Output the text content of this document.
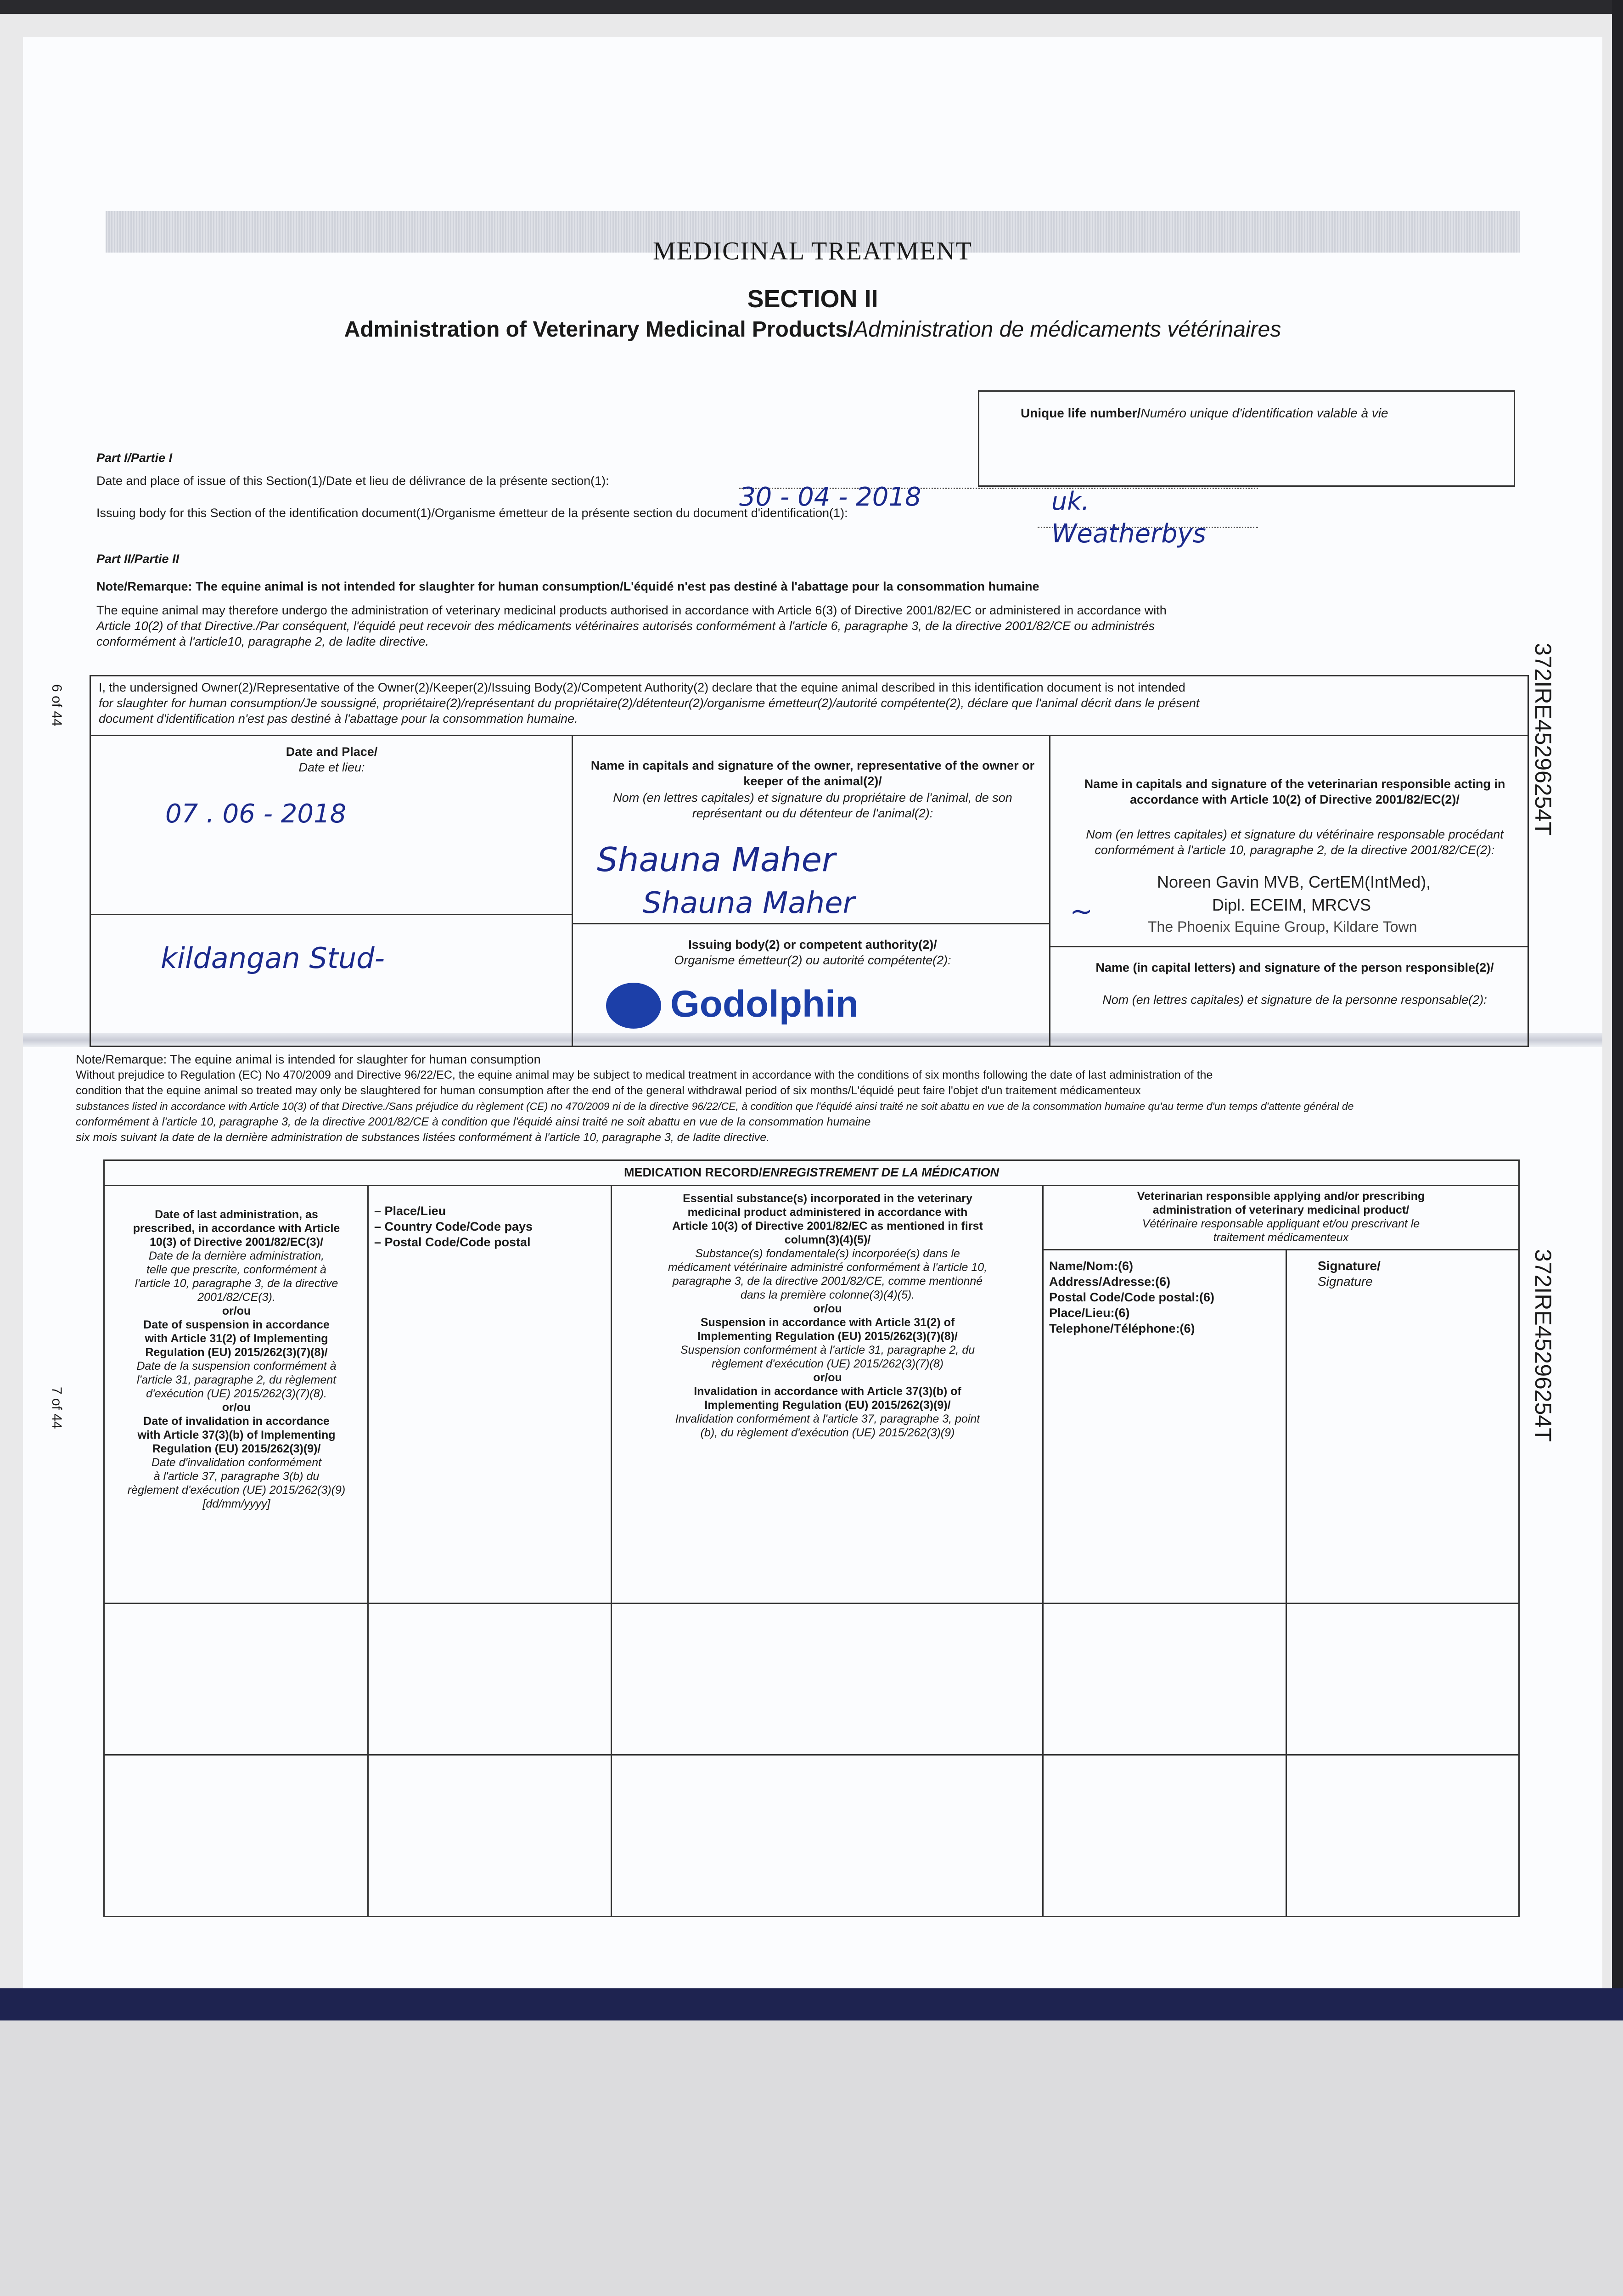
MEDICINAL TREATMENT
SECTION II
Administration of Veterinary Medicinal Products/Administration de médicaments vétérinaires
Unique life number/Numéro unique d'identification valable à vie
Part I/Partie I
Date and place of issue of this Section(1)/Date et lieu de délivrance de la présente section(1):
30 - 04 - 2018
Issuing body for this Section of the identification document(1)/Organisme émetteur de la présente section du document d'identification(1):	uk.
Weatherbys
Part II/Partie II
Note/Remarque: The equine animal is not intended for slaughter for human consumption/L'équidé n'est pas destiné à l'abattage pour la consommation humaine
The equine animal may therefore undergo the administration of veterinary medicinal products authorised in accordance with Article 6(3) of Directive 2001/82/EC or administered in accordance with
Article 10(2) of that Directive./Par conséquent, l'équidé peut recevoir des médicaments vétérinaires autorisés conformément à l'article 6, paragraphe 3, de la directive 2001/82/CE ou administrés
conformément à l'article10, paragraphe 2, de ladite directive.
I, the undersigned Owner(2)/Representative of the Owner(2)/Keeper(2)/Issuing Body(2)/Competent Authority(2) declare that the equine animal described in this identification document is not intended
for slaughter for human consumption/Je soussigné, propriétaire(2)/représentant du propriétaire(2)/détenteur(2)/organisme émetteur(2)/autorité compétente(2), déclare que l'animal décrit dans le présent
document d'identification n'est pas destiné à l'abattage pour la consommation humaine.
Date and Place/
Date et lieu:
07 . 06 - 2018
kildangan Stud-
Name in capitals and signature of the owner, representative of the owner or keeper of the animal(2)/
Nom (en lettres capitales) et signature du propriétaire de l'animal, de son représentant ou du détenteur de l'animal(2):
Shauna Maher
Shauna Maher
Issuing body(2) or competent authority(2)/
Organisme émetteur(2) ou autorité compétente(2):
Godolphin
Name in capitals and signature of the veterinarian responsible acting in accordance with Article 10(2) of Directive 2001/82/EC(2)/
Nom (en lettres capitales) et signature du vétérinaire responsable procédant conformément à l'article 10, paragraphe 2, de la directive 2001/82/CE(2):
Noreen Gavin MVB, CertEM(IntMed),
Dipl. ECEIM, MRCVS
The Phoenix Equine Group, Kildare Town
~
Name (in capital letters) and signature of the person responsible(2)/
Nom (en lettres capitales) et signature de la personne responsable(2):
Note/Remarque: The equine animal is intended for slaughter for human consumption
Without prejudice to Regulation (EC) No 470/2009 and Directive 96/22/EC, the equine animal may be subject to medical treatment in accordance with the conditions of six months following the date of last administration of the
condition that the equine animal so treated may only be slaughtered for human consumption after the end of the general withdrawal period of six months/L'équidé peut faire l'objet d'un traitement médicamenteux
substances listed in accordance with Article 10(3) of that Directive./Sans préjudice du règlement (CE) no 470/2009 ni de la directive 96/22/CE, à condition que l'équidé ainsi traité ne soit abattu en vue de la consommation humaine qu'au terme d'un temps d'attente général de
conformément à l'article 10, paragraphe 3, de la directive 2001/82/CE à condition que l'équidé ainsi traité ne soit abattu en vue de la consommation humaine
six mois suivant la date de la dernière administration de substances listées conformément à l'article 10, paragraphe 3, de ladite directive.
MEDICATION RECORD/ENREGISTREMENT DE LA MÉDICATION
Date of last administration, as
prescribed, in accordance with Article
10(3) of Directive 2001/82/EC(3)/
Date de la dernière administration,
telle que prescrite, conformément à
l'article 10, paragraphe 3, de la directive
2001/82/CE(3).
or/ou
Date of suspension in accordance
with Article 31(2) of Implementing
Regulation (EU) 2015/262(3)(7)(8)/
Date de la suspension conformément à
l'article 31, paragraphe 2, du règlement
d'exécution (UE) 2015/262(3)(7)(8).
or/ou
Date of invalidation in accordance
with Article 37(3)(b) of Implementing
Regulation (EU) 2015/262(3)(9)/
Date d'invalidation conformément
à l'article 37, paragraphe 3(b) du
règlement d'exécution (UE) 2015/262(3)(9)
[dd/mm/yyyy]
– Place/Lieu
– Country Code/Code pays
– Postal Code/Code postal
Essential substance(s) incorporated in the veterinary
medicinal product administered in accordance with
Article 10(3) of Directive 2001/82/EC as mentioned in first
column(3)(4)(5)/
Substance(s) fondamentale(s) incorporée(s) dans le
médicament vétérinaire administré conformément à l'article 10,
paragraphe 3, de la directive 2001/82/CE, comme mentionné
dans la première colonne(3)(4)(5).
or/ou
Suspension in accordance with Article 31(2) of
Implementing Regulation (EU) 2015/262(3)(7)(8)/
Suspension conformément à l'article 31, paragraphe 2, du
règlement d'exécution (UE) 2015/262(3)(7)(8)
or/ou
Invalidation in accordance with Article 37(3)(b) of
Implementing Regulation (EU) 2015/262(3)(9)/
Invalidation conformément à l'article 37, paragraphe 3, point
(b), du règlement d'exécution (UE) 2015/262(3)(9)
Veterinarian responsible applying and/or prescribing
administration of veterinary medicinal product/
Vétérinaire responsable appliquant et/ou prescrivant le
traitement médicamenteux
Name/Nom:(6)
Address/Adresse:(6)
Postal Code/Code postal:(6)
Place/Lieu:(6)
Telephone/Téléphone:(6)
Signature/
Signature
372IRE45296254T
372IRE45296254T
6 of 44
7 of 44
